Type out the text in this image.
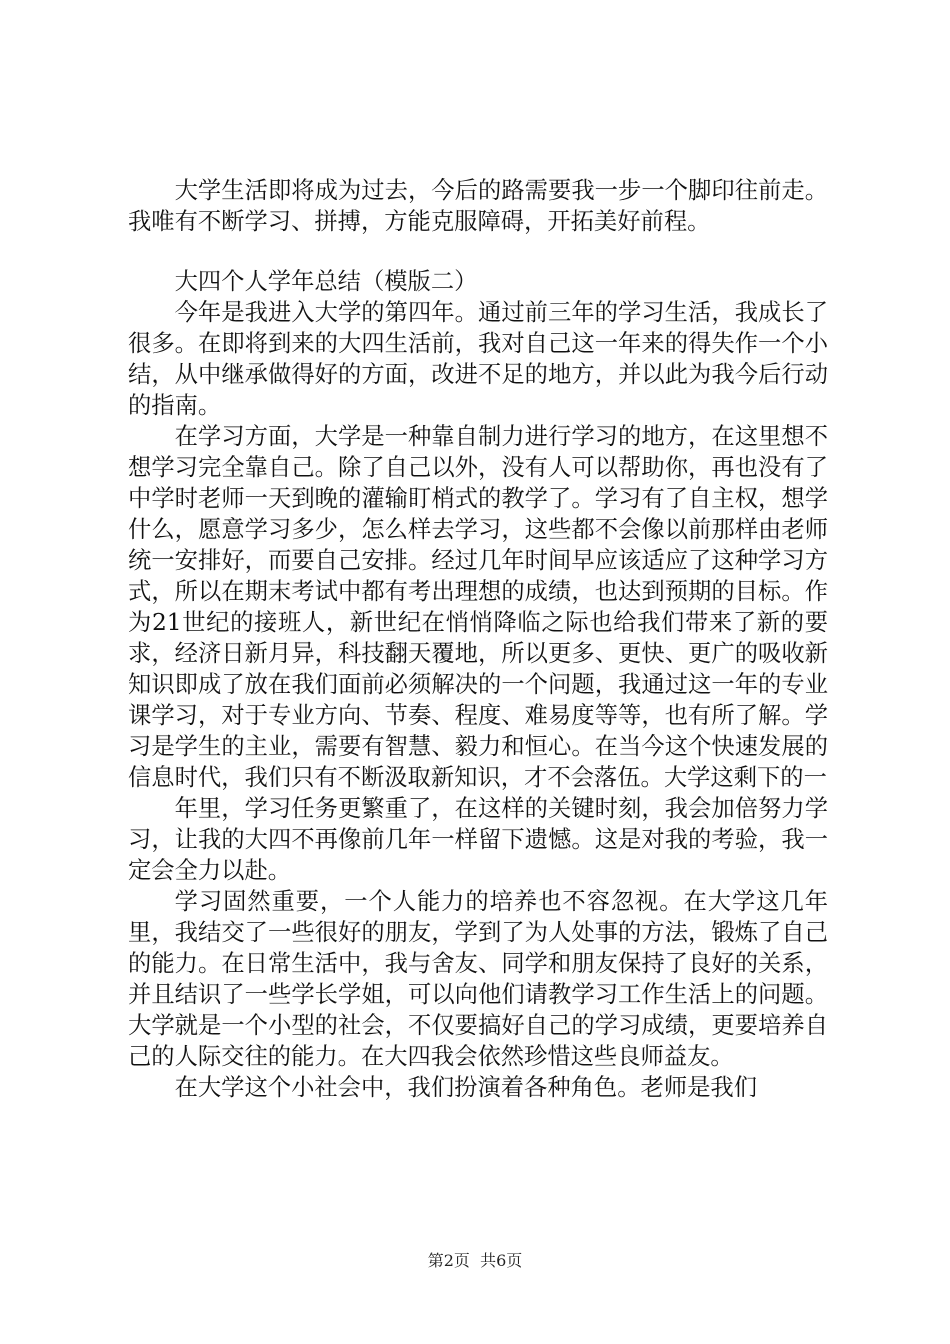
大学生活即将成为过去，今后的路需要我一步一个脚印往前走。我唯有不断学习、拼搏，方能克服障碍，开拓美好前程。

大四个人学年总结（模版二）

今年是我进入大学的第四年。通过前三年的学习生活，我成长了很多。在即将到来的大四生活前，我对自己这一年来的得失作一个小结，从中继承做得好的方面，改进不足的地方，并以此为我今后行动的指南。

在学习方面，大学是一种靠自制力进行学习的地方，在这里想不想学习完全靠自己。除了自己以外，没有人可以帮助你，再也没有了中学时老师一天到晚的灌输盯梢式的教学了。学习有了自主权，想学什么，愿意学习多少，怎么样去学习，这些都不会像以前那样由老师统一安排好，而要自己安排。经过几年时间早应该适应了这种学习方式，所以在期末考试中都有考出理想的成绩，也达到预期的目标。作为21世纪的接班人，新世纪在悄悄降临之际也给我们带来了新的要求，经济日新月异，科技翻天覆地，所以更多、更快、更广的吸收新知识即成了放在我们面前必须解决的一个问题，我通过这一年的专业课学习，对于专业方向、节奏、程度、难易度等等，也有所了解。学习是学生的主业，需要有智慧、毅力和恒心。在当今这个快速发展的信息时代，我们只有不断汲取新知识，才不会落伍。大学这剩下的一

年里，学习任务更繁重了，在这样的关键时刻，我会加倍努力学习，让我的大四不再像前几年一样留下遗憾。这是对我的考验，我一定会全力以赴。

学习固然重要，一个人能力的培养也不容忽视。在大学这几年里，我结交了一些很好的朋友，学到了为人处事的方法，锻炼了自己的能力。在日常生活中，我与舍友、同学和朋友保持了良好的关系，并且结识了一些学长学姐，可以向他们请教学习工作生活上的问题。大学就是一个小型的社会，不仅要搞好自己的学习成绩，更要培养自己的人际交往的能力。在大四我会依然珍惜这些良师益友。

在大学这个小社会中，我们扮演着各种角色。老师是我们

第2页  共6页
